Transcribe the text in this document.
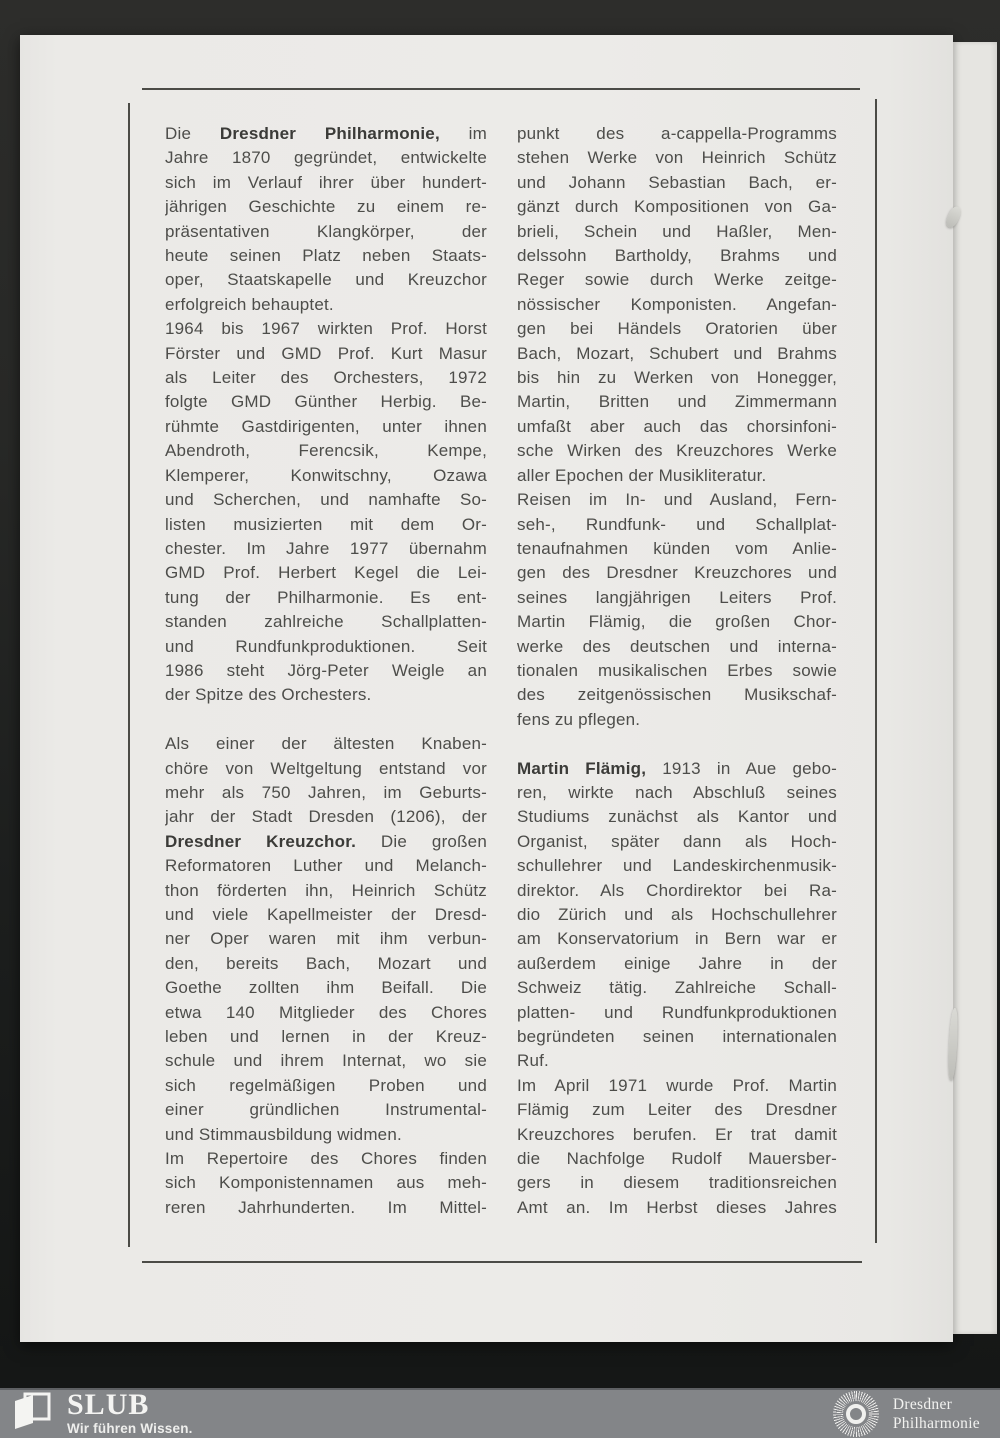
Die Dresdner Philharmonie, im
Jahre 1870 gegründet, entwickelte
sich im Verlauf ihrer über hundert-
jährigen Geschichte zu einem re-
präsentativen Klangkörper, der
heute seinen Platz neben Staats-
oper, Staatskapelle und Kreuzchor
erfolgreich behauptet.
1964 bis 1967 wirkten Prof. Horst
Förster und GMD Prof. Kurt Masur
als Leiter des Orchesters, 1972
folgte GMD Günther Herbig. Be-
rühmte Gastdirigenten, unter ihnen
Abendroth, Ferencsik, Kempe,
Klemperer, Konwitschny, Ozawa
und Scherchen, und namhafte So-
listen musizierten mit dem Or-
chester. Im Jahre 1977 übernahm
GMD Prof. Herbert Kegel die Lei-
tung der Philharmonie. Es ent-
standen zahlreiche Schallplatten-
und Rundfunkproduktionen. Seit
1986 steht Jörg-Peter Weigle an
der Spitze des Orchesters.
Als einer der ältesten Knaben-
chöre von Weltgeltung entstand vor
mehr als 750 Jahren, im Geburts-
jahr der Stadt Dresden (1206), der
Dresdner Kreuzchor. Die großen
Reformatoren Luther und Melanch-
thon förderten ihn, Heinrich Schütz
und viele Kapellmeister der Dresd-
ner Oper waren mit ihm verbun-
den, bereits Bach, Mozart und
Goethe zollten ihm Beifall. Die
etwa 140 Mitglieder des Chores
leben und lernen in der Kreuz-
schule und ihrem Internat, wo sie
sich regelmäßigen Proben und
einer gründlichen Instrumental-
und Stimmausbildung widmen.
Im Repertoire des Chores finden
sich Komponistennamen aus meh-
reren Jahrhunderten. Im Mittel-
punkt des a-cappella-Programms
stehen Werke von Heinrich Schütz
und Johann Sebastian Bach, er-
gänzt durch Kompositionen von Ga-
brieli, Schein und Haßler, Men-
delssohn Bartholdy, Brahms und
Reger sowie durch Werke zeitge-
nössischer Komponisten. Angefan-
gen bei Händels Oratorien über
Bach, Mozart, Schubert und Brahms
bis hin zu Werken von Honegger,
Martin, Britten und Zimmermann
umfaßt aber auch das chorsinfoni-
sche Wirken des Kreuzchores Werke
aller Epochen der Musikliteratur.
Reisen im In- und Ausland, Fern-
seh-, Rundfunk- und Schallplat-
tenaufnahmen künden vom Anlie-
gen des Dresdner Kreuzchores und
seines langjährigen Leiters Prof.
Martin Flämig, die großen Chor-
werke des deutschen und interna-
tionalen musikalischen Erbes sowie
des zeitgenössischen Musikschaf-
fens zu pflegen.
Martin Flämig, 1913 in Aue gebo-
ren, wirkte nach Abschluß seines
Studiums zunächst als Kantor und
Organist, später dann als Hoch-
schullehrer und Landeskirchenmusik-
direktor. Als Chordirektor bei Ra-
dio Zürich und als Hochschullehrer
am Konservatorium in Bern war er
außerdem einige Jahre in der
Schweiz tätig. Zahlreiche Schall-
platten- und Rundfunkproduktionen
begründeten seinen internationalen
Ruf.
Im April 1971 wurde Prof. Martin
Flämig zum Leiter des Dresdner
Kreuzchores berufen. Er trat damit
die Nachfolge Rudolf Mauersber-
gers in diesem traditionsreichen
Amt an. Im Herbst dieses Jahres
SLUB
Wir führen Wissen.
Dresdner
Philharmonie
